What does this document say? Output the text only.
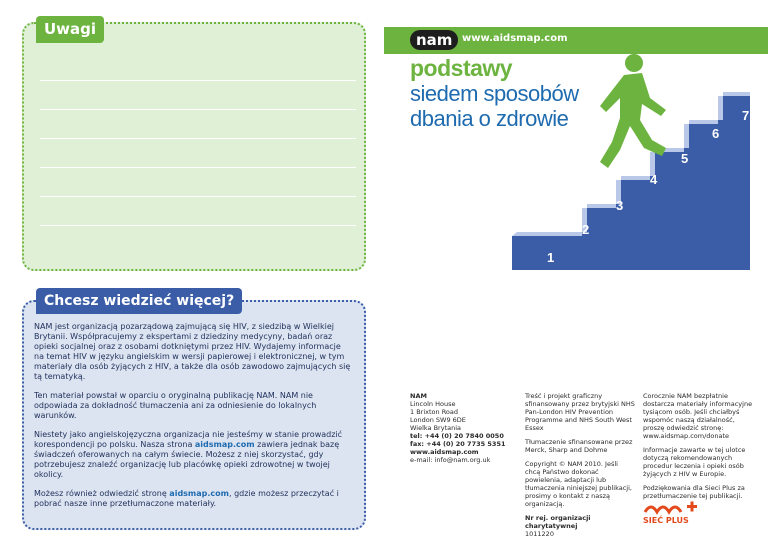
Uwagi
1
2
3
4
5
6
7
nam www.aidsmap.com
podstawy
siedem sposobów
dbania o zdrowie
Chcesz wiedzieć więcej?

NAM jest organizacją pozarządową zajmującą się HIV, z siedzibą w Wielkiej Brytanii. Współpracujemy z ekspertami z dziedziny medycyny, badań oraz opieki socjalnej oraz z osobami dotkniętymi przez HIV. Wydajemy informacje na temat HIV w języku angielskim w wersji papierowej i elektronicznej, w tym materiały dla osób żyjących z HIV, a także dla osób zawodowo zajmujących się tą tematyką.

Ten materiał powstał w oparciu o oryginalną publikację NAM. NAM nie odpowiada za dokładność tłumaczenia ani za odniesienie do lokalnych warunków.

Niestety jako angielskojęzyczna organizacja nie jesteśmy w stanie prowadzić korespondencji po polsku. Nasza strona aidsmap.com zawiera jednak bazę świadczeń oferowanych na całym świecie. Możesz z niej skorzystać, gdy potrzebujesz znaleźć organizację lub placówkę opieki zdrowotnej w twojej okolicy.

Możesz również odwiedzić stronę aidsmap.com, gdzie możesz przeczytać i pobrać nasze inne przetłumaczone materiały.

NAM
Lincoln House
1 Brixton Road
London SW9 6DE
Wielka Brytania
tel: +44 (0) 20 7840 0050
fax: +44 (0) 20 7735 5351
www.aidsmap.com
e-mail: info@nam.org.uk

Treść i projekt graficzny sfinansowany przez brytyjski NHS Pan-London HIV Prevention Programme and NHS South West Essex

Tłumaczenie sfinansowane przez Merck, Sharp and Dohme

Copyright © NAM 2010. Jeśli chcą Państwo dokonać powielenia, adaptacji lub tłumaczenia niniejszej publikacji, prosimy o kontakt z naszą organizacją.

Nr rej. organizacji charytatywnej
1011220

Corocznie NAM bezpłatnie dostarcza materiały informacyjne tysiącom osób. Jeśli chciałbyś wspomóc naszą działalność, proszę odwiedzić stronę: www.aidsmap.com/donate

Informacje zawarte w tej ulotce dotyczą rekomendowanych procedur leczenia i opieki osób żyjących z HIV w Europie.

Podziękowania dla Sieci Plus za przetłumaczenie tej publikacji.

SIEĆ PLUS
